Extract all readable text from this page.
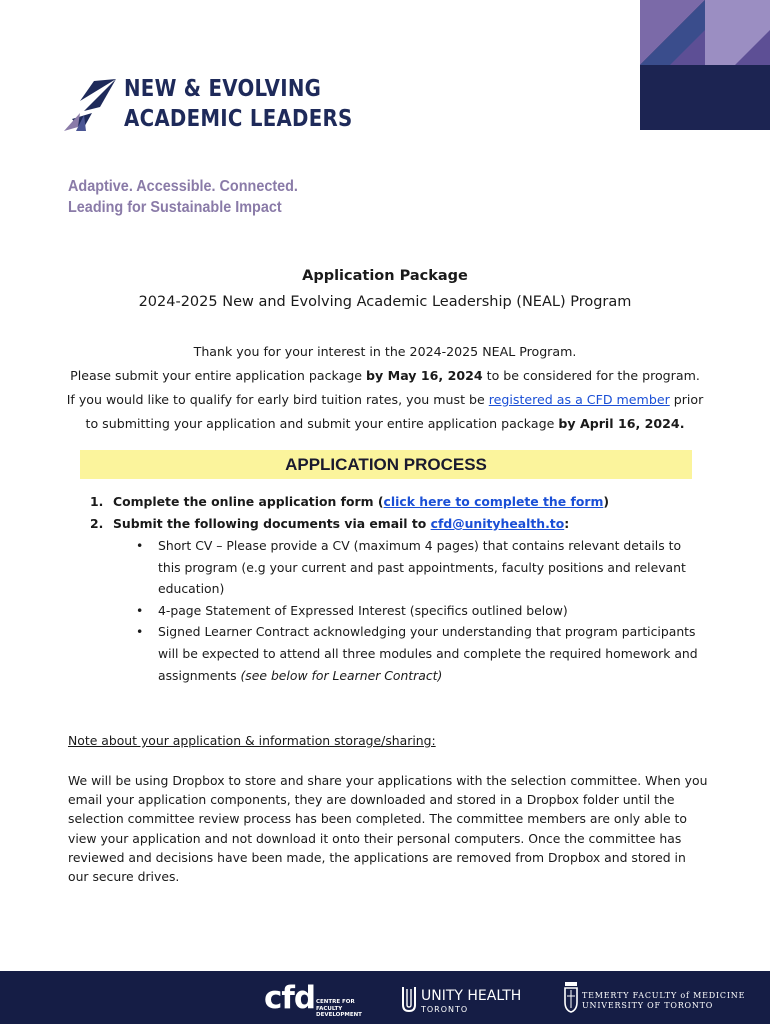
NEW & EVOLVING
ACADEMIC LEADERS
Adaptive. Accessible. Connected.
Leading for Sustainable Impact
Application Package
2024-2025 New and Evolving Academic Leadership (NEAL) Program

Thank you for your interest in the 2024-2025 NEAL Program.

Please submit your entire application package by May 16, 2024 to be considered for the program.

If you would like to qualify for early bird tuition rates, you must be registered as a CFD member prior

to submitting your application and submit your entire application package by April 16, 2024.

APPLICATION PROCESS
1. Complete the online application form (click here to complete the form)
2. Submit the following documents via email to cfd@unityhealth.to:
• Short CV – Please provide a CV (maximum 4 pages) that contains relevant details to this program (e.g your current and past appointments, faculty positions and relevant education)
• 4-page Statement of Expressed Interest (specifics outlined below)
• Signed Learner Contract acknowledging your understanding that program participants will be expected to attend all three modules and complete the required homework and assignments (see below for Learner Contract)
Note about your application & information storage/sharing:
We will be using Dropbox to store and share your applications with the selection committee. When you email your application components, they are downloaded and stored in a Dropbox folder until the selection committee review process has been completed. The committee members are only able to view your application and not download it onto their personal computers. Once the committee has reviewed and decisions have been made, the applications are removed from Dropbox and stored in our secure drives.
cfd CENTRE FOR
FACULTY DEVELOPMENT
UNITY HEALTH
TORONTO
TEMERTY FACULTY of MEDICINE
UNIVERSITY OF TORONTO
